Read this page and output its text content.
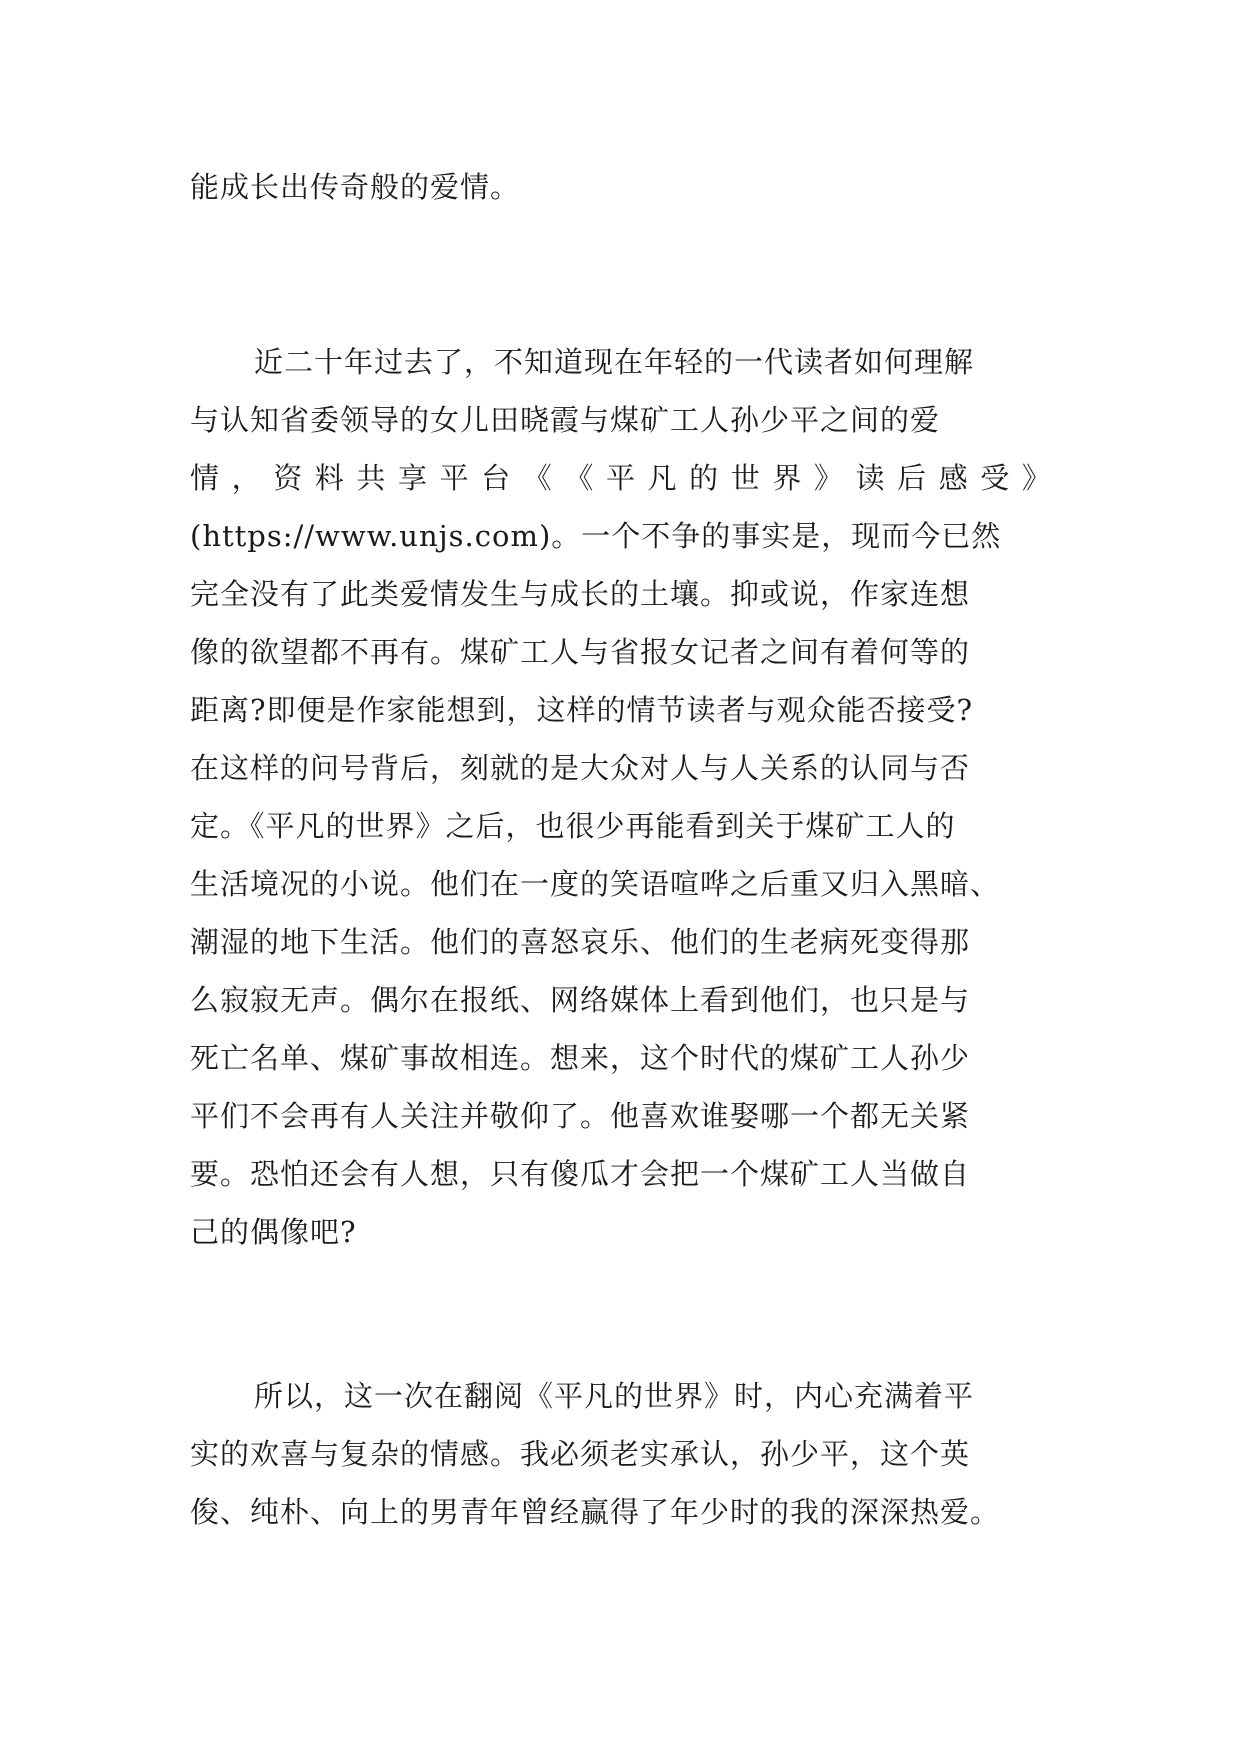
能成长出传奇般的爱情。
近二十年过去了，不知道现在年轻的一代读者如何理解
与认知省委领导的女儿田晓霞与煤矿工人孙少平之间的爱
情 ， 资 料 共 享 平 台 《 《 平 凡 的 世 界 》 读 后 感 受 》
(https://www.unjs.com)。一个不争的事实是，现而今已然
完全没有了此类爱情发生与成长的土壤。抑或说，作家连想
像的欲望都不再有。煤矿工人与省报女记者之间有着何等的
距离?即便是作家能想到，这样的情节读者与观众能否接受?
在这样的问号背后，刻就的是大众对人与人关系的认同与否
定。《平凡的世界》之后，也很少再能看到关于煤矿工人的
生活境况的小说。他们在一度的笑语喧哗之后重又归入黑暗、
潮湿的地下生活。他们的喜怒哀乐、他们的生老病死变得那
么寂寂无声。偶尔在报纸、网络媒体上看到他们，也只是与
死亡名单、煤矿事故相连。想来，这个时代的煤矿工人孙少
平们不会再有人关注并敬仰了。他喜欢谁娶哪一个都无关紧
要。恐怕还会有人想，只有傻瓜才会把一个煤矿工人当做自
己的偶像吧?
所以，这一次在翻阅《平凡的世界》时，内心充满着平
实的欢喜与复杂的情感。我必须老实承认，孙少平，这个英
俊、纯朴、向上的男青年曾经赢得了年少时的我的深深热爱。
